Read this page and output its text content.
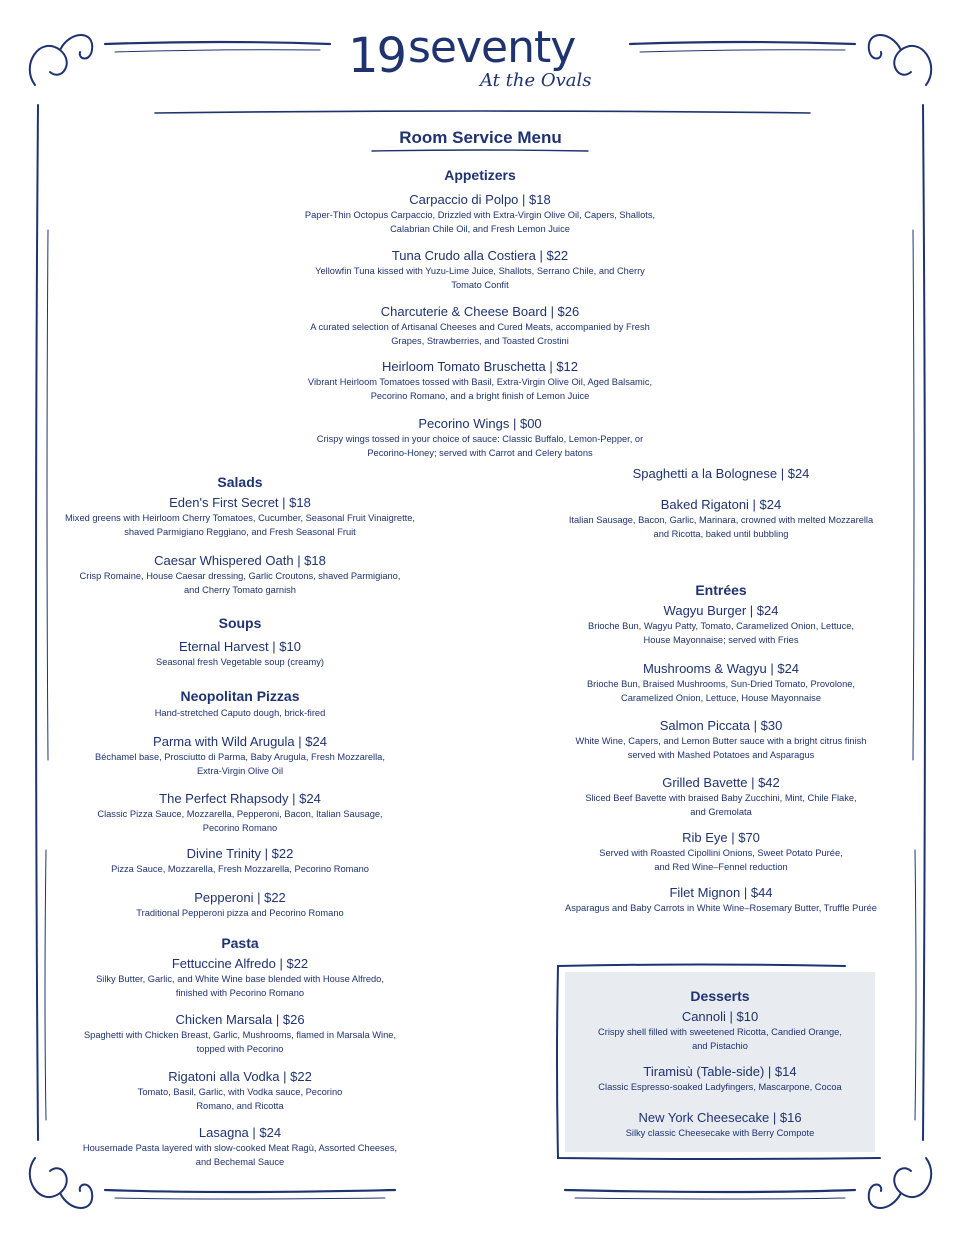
19 seventy
At the Ovals
Room Service Menu
Appetizers
Carpaccio di Polpo | $18
Paper-Thin Octopus Carpaccio, Drizzled with Extra-Virgin Olive Oil, Capers, Shallots,
Calabrian Chile Oil, and Fresh Lemon Juice
Tuna Crudo alla Costiera | $22
Yellowfin Tuna kissed with Yuzu-Lime Juice, Shallots, Serrano Chile, and Cherry
Tomato Confit
Charcuterie & Cheese Board | $26
A curated selection of Artisanal Cheeses and Cured Meats, accompanied by Fresh
Grapes, Strawberries, and Toasted Crostini
Heirloom Tomato Bruschetta | $12
Vibrant Heirloom Tomatoes tossed with Basil, Extra-Virgin Olive Oil, Aged Balsamic,
Pecorino Romano, and a bright finish of Lemon Juice
Pecorino Wings | $00
Crispy wings tossed in your choice of sauce: Classic Buffalo, Lemon-Pepper, or
Pecorino-Honey; served with Carrot and Celery batons
Salads
Eden's First Secret | $18
Mixed greens with Heirloom Cherry Tomatoes, Cucumber, Seasonal Fruit Vinaigrette,
shaved Parmigiano Reggiano, and Fresh Seasonal Fruit
Caesar Whispered Oath | $18
Crisp Romaine, House Caesar dressing, Garlic Croutons, shaved Parmigiano,
and Cherry Tomato garnish
Soups
Eternal Harvest | $10
Seasonal fresh Vegetable soup (creamy)
Neopolitan Pizzas
Hand-stretched Caputo dough, brick-fired
Parma with Wild Arugula | $24
Béchamel base, Prosciutto di Parma, Baby Arugula, Fresh Mozzarella,
Extra-Virgin Olive Oil
The Perfect Rhapsody | $24
Classic Pizza Sauce, Mozzarella, Pepperoni, Bacon, Italian Sausage,
Pecorino Romano
Divine Trinity | $22
Pizza Sauce, Mozzarella, Fresh Mozzarella, Pecorino Romano
Pepperoni | $22
Traditional Pepperoni pizza and Pecorino Romano
Pasta
Fettuccine Alfredo | $22
Silky Butter, Garlic, and White Wine base blended with House Alfredo,
finished with Pecorino Romano
Chicken Marsala | $26
Spaghetti with Chicken Breast, Garlic, Mushrooms, flamed in Marsala Wine,
topped with Pecorino
Rigatoni alla Vodka | $22
Tomato, Basil, Garlic, with Vodka sauce, Pecorino
Romano, and Ricotta
Lasagna | $24
Housemade Pasta layered with slow-cooked Meat Ragù, Assorted Cheeses,
and Bechemal Sauce
Spaghetti a la Bolognese | $24
Baked Rigatoni | $24
Italian Sausage, Bacon, Garlic, Marinara, crowned with melted Mozzarella
and Ricotta, baked until bubbling
Entrées
Wagyu Burger | $24
Brioche Bun, Wagyu Patty, Tomato, Caramelized Onion, Lettuce,
House Mayonnaise; served with Fries
Mushrooms & Wagyu | $24
Brioche Bun, Braised Mushrooms, Sun-Dried Tomato, Provolone,
Caramelized Onion, Lettuce, House Mayonnaise
Salmon Piccata | $30
White Wine, Capers, and Lemon Butter sauce with a bright citrus finish
served with Mashed Potatoes and Asparagus
Grilled Bavette | $42
Sliced Beef Bavette with braised Baby Zucchini, Mint, Chile Flake,
and Gremolata
Rib Eye | $70
Served with Roasted Cipollini Onions, Sweet Potato Purée,
and Red Wine–Fennel reduction
Filet Mignon | $44
Asparagus and Baby Carrots in White Wine–Rosemary Butter, Truffle Purée
Desserts
Cannoli | $10
Crispy shell filled with sweetened Ricotta, Candied Orange,
and Pistachio
Tiramisù (Table-side) | $14
Classic Espresso-soaked Ladyfingers, Mascarpone, Cocoa
New York Cheesecake | $16
Silky classic Cheesecake with Berry Compote
